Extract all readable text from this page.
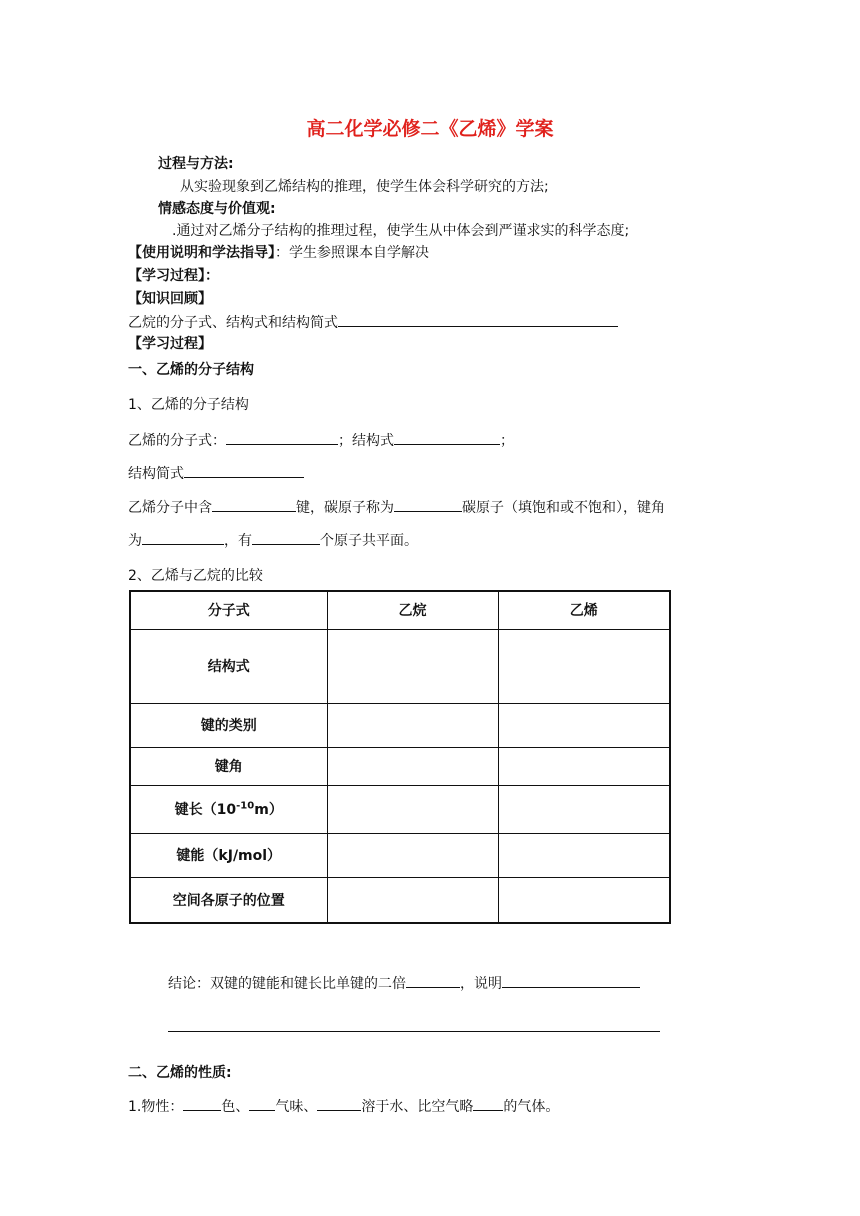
高二化学必修二《乙烯》学案
过程与方法:
从实验现象到乙烯结构的推理，使学生体会科学研究的方法;
情感态度与价值观:
.通过对乙烯分子结构的推理过程，使学生从中体会到严谨求实的科学态度;
【使用说明和学法指导】：学生参照课本自学解决
【学习过程】：
【知识回顾】
乙烷的分子式、结构式和结构简式
【学习过程】
一、乙烯的分子结构
1、乙烯的分子结构
乙烯的分子式：	；结构式	；
结构简式
乙烯分子中含	键，碳原子称为	碳原子（填饱和或不饱和），键角
为	，有	个原子共平面。
2、乙烯与乙烷的比较
分子式	乙烷	乙烯
结构式		
键的类别		
键角		
键长$(10^{-10}m)$		
键能（kJ/mol）		
空间各原子的位置		
结论：双键的键能和键长比单键的二倍	，说明
二、乙烯的性质:
1.物性：	色、 气味、	溶于水、比空气略 的气体。
